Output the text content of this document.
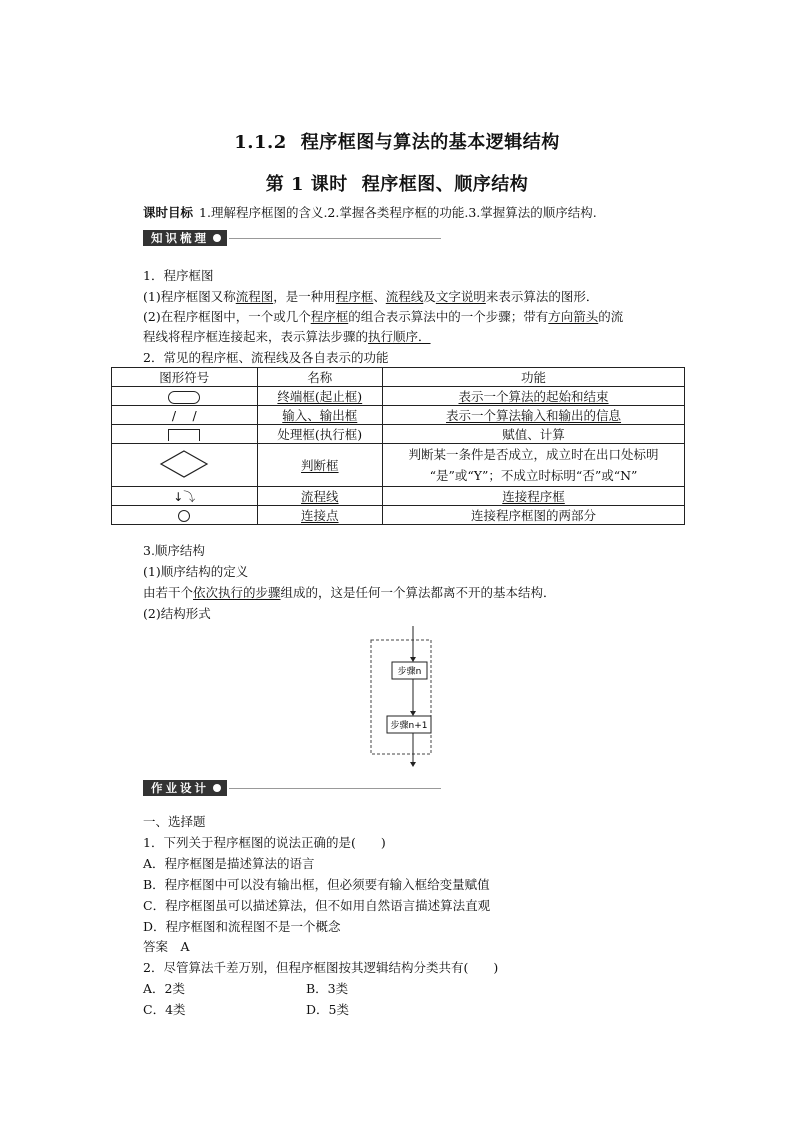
1.1.2 程序框图与算法的基本逻辑结构
第 1 课时 程序框图、顺序结构
课时目标 1.理解程序框图的含义.2.掌握各类程序框的功能.3.掌握算法的顺序结构.
知识梳理
1．程序框图
(1)程序框图又称流程图，是一种用程序框、流程线及文字说明来表示算法的图形．
(2)在程序框图中，一个或几个程序框的组合表示算法中的一个步骤；带有方向箭头的流
程线将程序框连接起来，表示算法步骤的执行顺序．
2．常见的程序框、流程线及各自表示的功能
图形符号	名称	功能
	终端框(起止框)	表示一个算法的起始和结束
/　 /	输入、输出框	表示一个算法输入和输出的信息
	处理框(执行框)	赋值、计算
	判断框	判断某一条件是否成立，成立时在出口处标明
“是”或“Y”；不成立时标明“否”或“N”

↓⤵	流程线	连接程序框
	连接点	连接程序框图的两部分
3.顺序结构
(1)顺序结构的定义
由若干个依次执行的步骤组成的，这是任何一个算法都离不开的基本结构．
(2)结构形式
步骤n
步骤n+1
作业设计
一、选择题
1．下列关于程序框图的说法正确的是(　　)
A．程序框图是描述算法的语言
B．程序框图中可以没有输出框，但必须要有输入框给变量赋值
C．程序框图虽可以描述算法，但不如用自然语言描述算法直观
D．程序框图和流程图不是一个概念
答案　A
2．尽管算法千差万别，但程序框图按其逻辑结构分类共有(　　)
A．2类	B．3类
C．4类	D．5类
